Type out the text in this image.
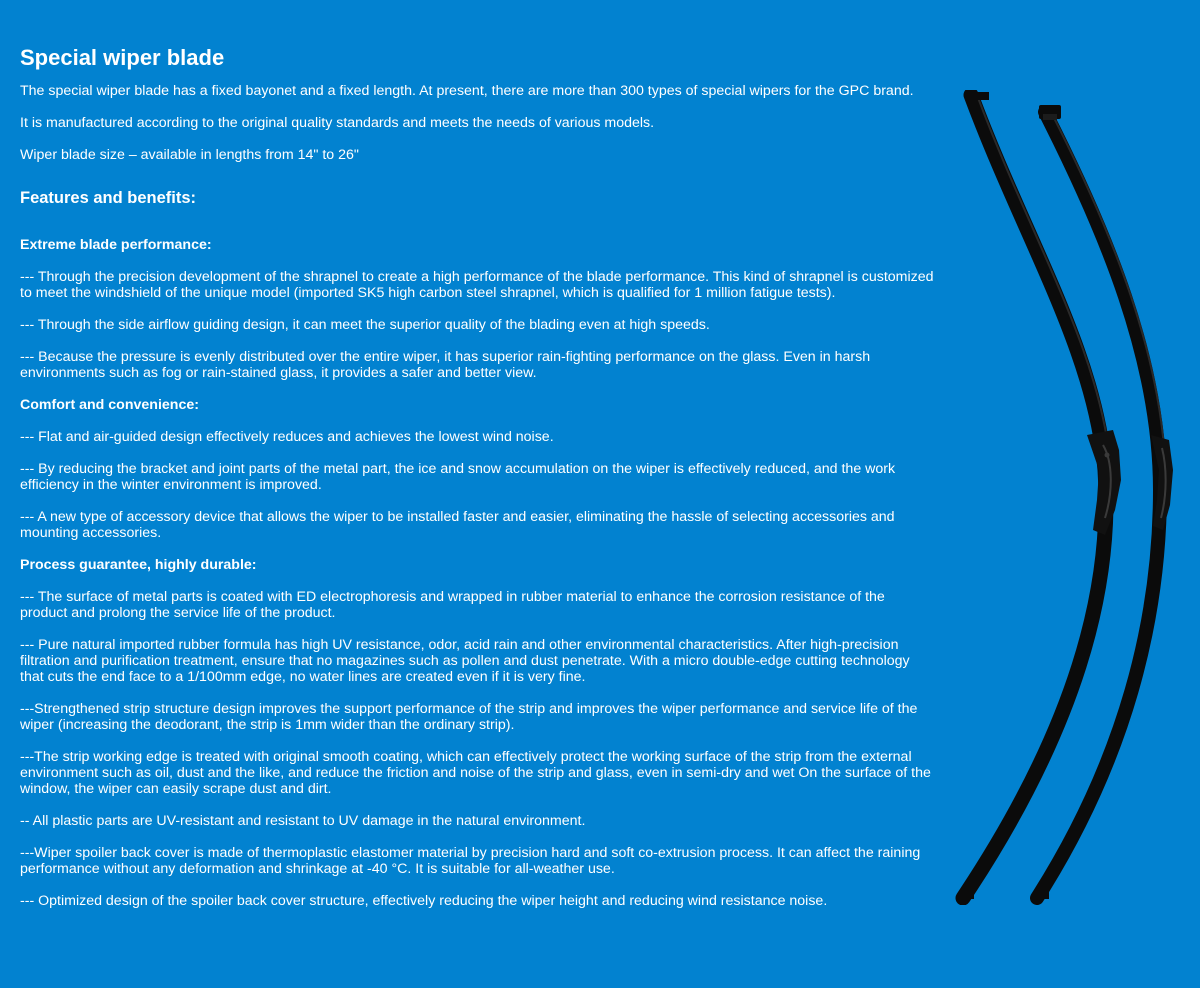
Special wiper blade

The special wiper blade has a fixed bayonet and a fixed length. At present, there are more than 300 types of special wipers for the GPC brand.

It is manufactured according to the original quality standards and meets the needs of various models.

Wiper blade size – available in lengths from 14" to 26"

Features and benefits:

Extreme blade performance:

--- Through the precision development of the shrapnel to create a high performance of the blade performance. This kind of shrapnel is customized to meet the windshield of the unique model (imported SK5 high carbon steel shrapnel, which is qualified for 1 million fatigue tests).

--- Through the side airflow guiding design, it can meet the superior quality of the blading even at high speeds.

--- Because the pressure is evenly distributed over the entire wiper, it has superior rain-fighting performance on the glass. Even in harsh environments such as fog or rain-stained glass, it provides a safer and better view.

Comfort and convenience:

--- Flat and air-guided design effectively reduces and achieves the lowest wind noise.

--- By reducing the bracket and joint parts of the metal part, the ice and snow accumulation on the wiper is effectively reduced, and the work efficiency in the winter environment is improved.

--- A new type of accessory device that allows the wiper to be installed faster and easier, eliminating the hassle of selecting accessories and mounting accessories.

Process guarantee, highly durable:

--- The surface of metal parts is coated with ED electrophoresis and wrapped in rubber material to enhance the corrosion resistance of the product and prolong the service life of the product.

--- Pure natural imported rubber formula has high UV resistance, odor, acid rain and other environmental characteristics. After high-precision filtration and purification treatment, ensure that no magazines such as pollen and dust penetrate. With a micro double-edge cutting technology that cuts the end face to a 1/100mm edge, no water lines are created even if it is very fine.

---Strengthened strip structure design improves the support performance of the strip and improves the wiper performance and service life of the wiper (increasing the deodorant, the strip is 1mm wider than the ordinary strip).

---The strip working edge is treated with original smooth coating, which can effectively protect the working surface of the strip from the external environment such as oil, dust and the like, and reduce the friction and noise of the strip and glass, even in semi-dry and wet On the surface of the window, the wiper can easily scrape dust and dirt.

-- All plastic parts are UV-resistant and resistant to UV damage in the natural environment.

---Wiper spoiler back cover is made of thermoplastic elastomer material by precision hard and soft co-extrusion process. It can affect the raining performance without any deformation and shrinkage at -40 °C. It is suitable for all-weather use.

--- Optimized design of the spoiler back cover structure, effectively reducing the wiper height and reducing wind resistance noise.
